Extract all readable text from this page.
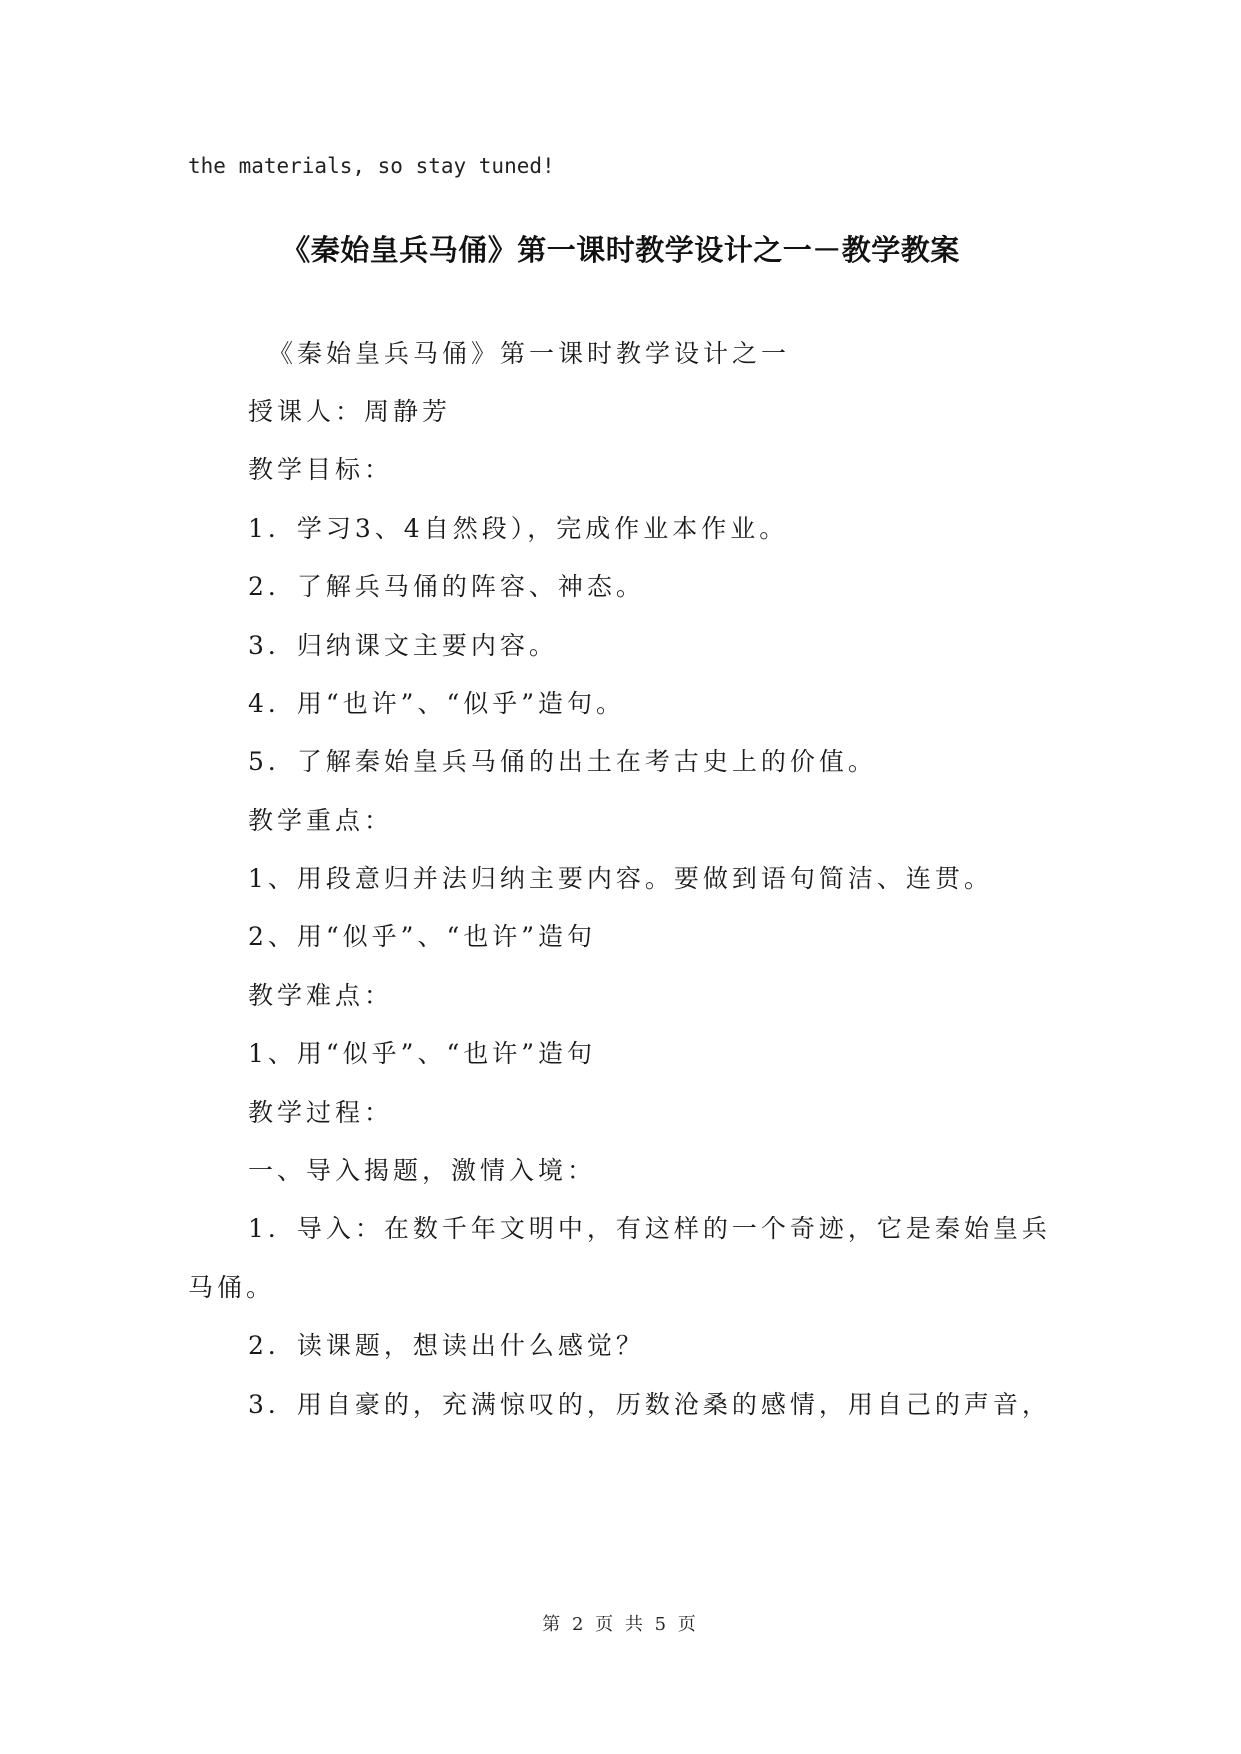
the materials, so stay tuned!
《秦始皇兵马俑》第一课时教学设计之一－教学教案
《秦始皇兵马俑》第一课时教学设计之一
授课人：周静芳
教学目标：
1．学习3、4自然段），完成作业本作业。
2．了解兵马俑的阵容、神态。
3．归纳课文主要内容。
4．用“也许”、“似乎”造句。
5．了解秦始皇兵马俑的出土在考古史上的价值。
教学重点：
1、用段意归并法归纳主要内容。要做到语句简洁、连贯。
2、用“似乎”、“也许”造句
教学难点：
1、用“似乎”、“也许”造句
教学过程：
一、导入揭题，激情入境：
1．导入：在数千年文明中，有这样的一个奇迹，它是秦始皇兵
马俑。
2．读课题，想读出什么感觉？
3．用自豪的，充满惊叹的，历数沧桑的感情，用自己的声音，
第 2 页 共 5 页
